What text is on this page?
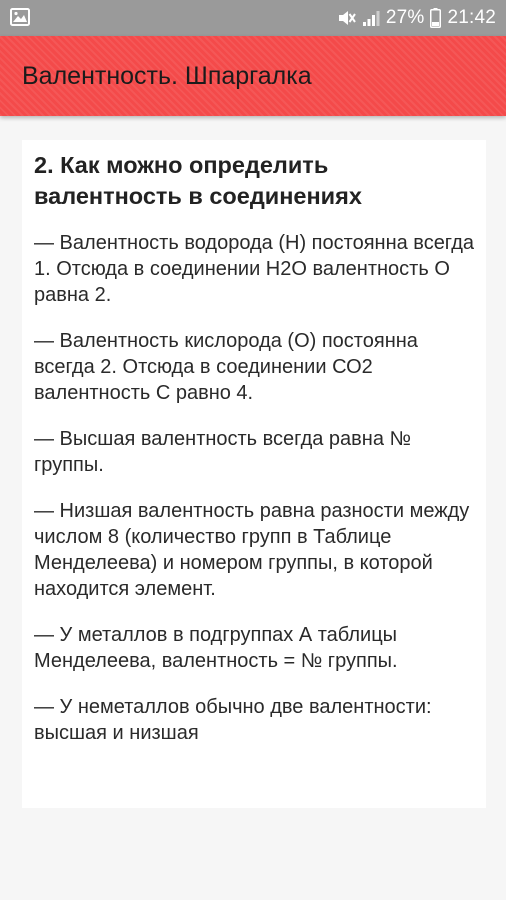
27% 21:42
Валентность. Шпаргалка
2. Как можно определить валентность в соединениях

— Валентность водорода (Н) постоянна всегда 1. Отсюда в соединении Н2О валентность О равна 2.

— Валентность кислорода (О) постоянна всегда 2. Отсюда в соединении СО2 валентность С равно 4.

— Высшая валентность всегда равна № группы.

— Низшая валентность равна разности между числом 8 (количество групп в Таблице Менделеева) и номером группы, в которой находится элемент.

— У металлов в подгруппах А таблицы Менделеева, валентность = № группы.

— У неметаллов обычно две валентности: высшая и низшая
